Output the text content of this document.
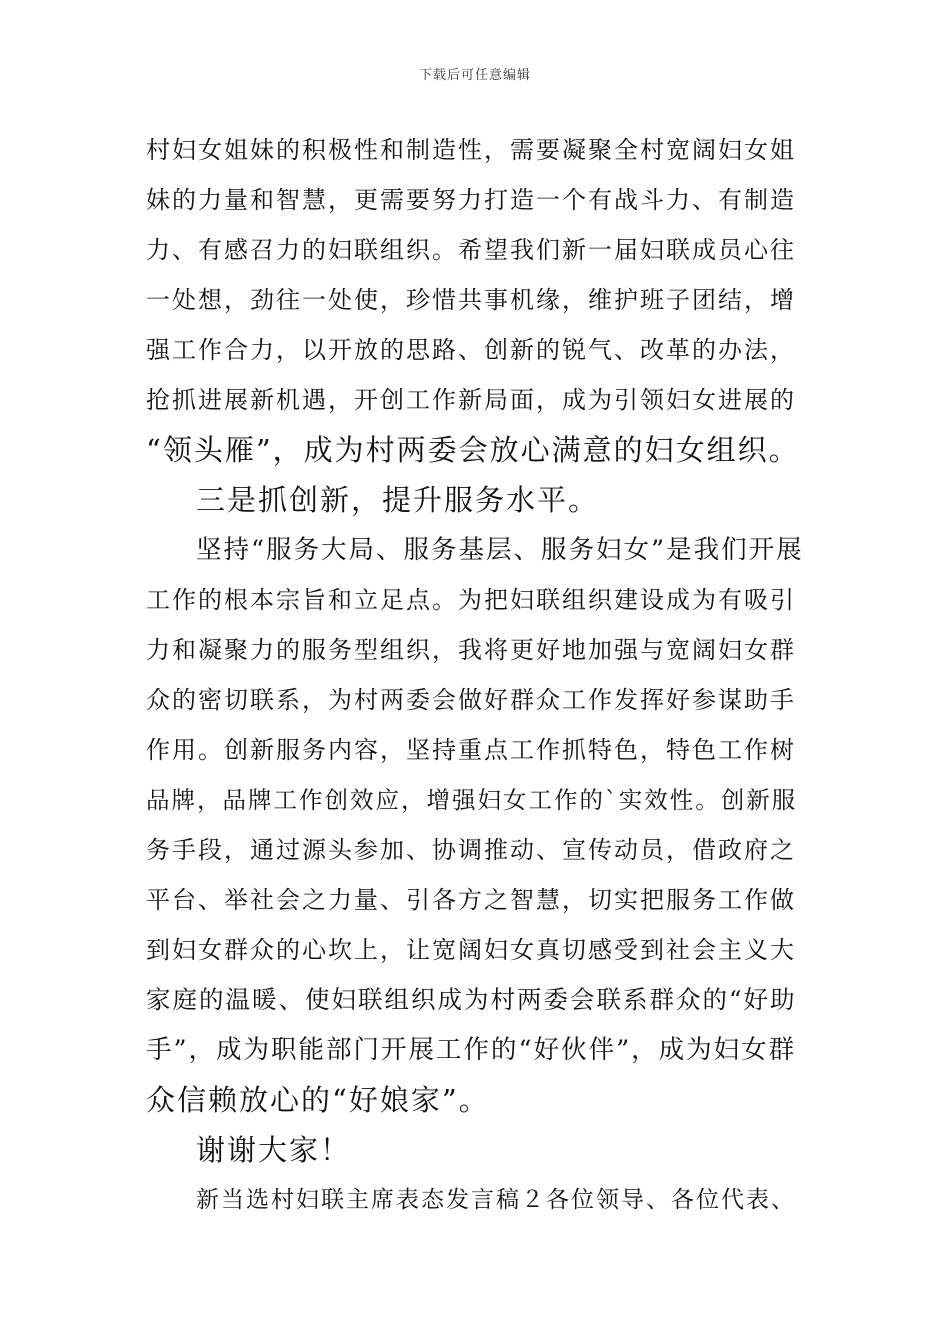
下载后可任意编辑
村妇女姐妹的积极性和制造性，需要凝聚全村宽阔妇女姐
妹的力量和智慧，更需要努力打造一个有战斗力、有制造
力、有感召力的妇联组织。希望我们新一届妇联成员心往
一处想，劲往一处使，珍惜共事机缘，维护班子团结，增
强工作合力，以开放的思路、创新的锐气、改革的办法，
抢抓进展新机遇，开创工作新局面，成为引领妇女进展的
“领头雁”，成为村两委会放心满意的妇女组织。
三是抓创新，提升服务水平。
坚持“服务大局、服务基层、服务妇女”是我们开展
工作的根本宗旨和立足点。为把妇联组织建设成为有吸引
力和凝聚力的服务型组织，我将更好地加强与宽阔妇女群
众的密切联系，为村两委会做好群众工作发挥好参谋助手
作用。创新服务内容，坚持重点工作抓特色，特色工作树
品牌，品牌工作创效应，增强妇女工作的`实效性。创新服
务手段，通过源头参加、协调推动、宣传动员，借政府之
平台、举社会之力量、引各方之智慧，切实把服务工作做
到妇女群众的心坎上，让宽阔妇女真切感受到社会主义大
家庭的温暖、使妇联组织成为村两委会联系群众的“好助
手”，成为职能部门开展工作的“好伙伴”，成为妇女群
众信赖放心的“好娘家”。
谢谢大家！
新当选村妇联主席表态发言稿２各位领导、各位代表、
